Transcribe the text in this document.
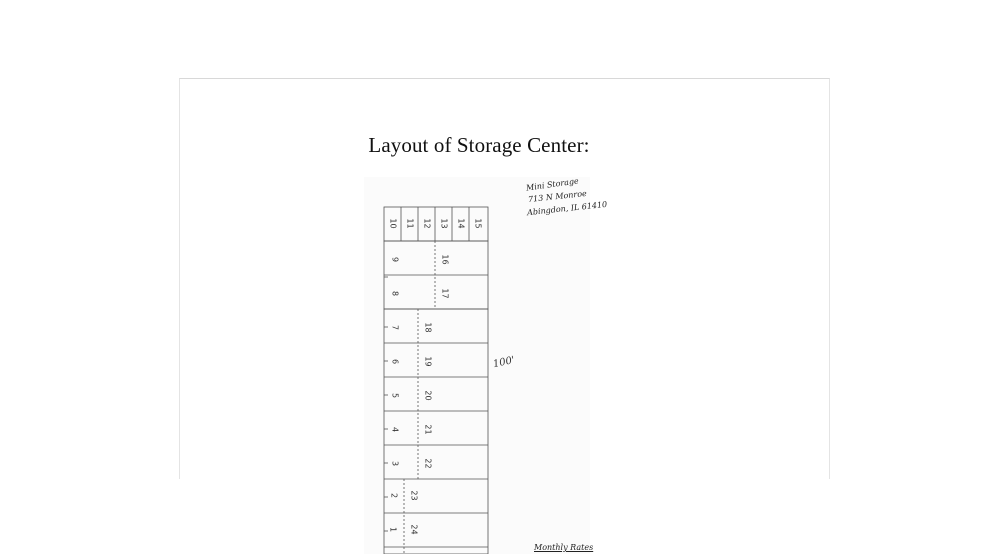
Layout of Storage Center:
10 11 12 13 14 15
9
8
7
6
5
4
3
2
1
16
17
18
19
20
21
22
23
24
Mini Storage
713 N Monroe
Abingdon, IL 61410
100'
Monthly Rates
